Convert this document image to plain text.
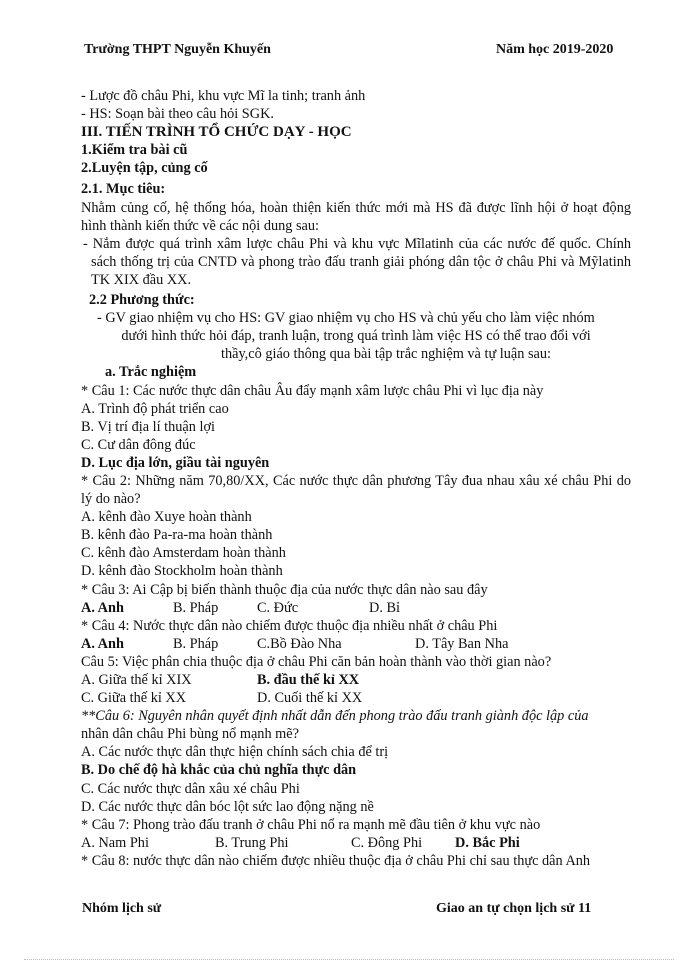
Trường THPT Nguyễn Khuyến	Năm học 2019-2020
- Lược đồ châu Phi, khu vực Mĩ la tinh; tranh ảnh
- HS: Soạn bài theo câu hỏi SGK.
III. TIẾN TRÌNH TỔ CHỨC DẠY - HỌC
1.Kiểm tra bài cũ
2.Luyện tập, củng cố
2.1. Mục tiêu:
Nhằm củng cố, hệ thống hóa, hoàn thiện kiến thức mới mà HS đã được lĩnh hội ở hoạt động hình thành kiến thức về các nội dung sau:
- Nắm được quá trình xâm lược châu Phi và khu vực Mĩlatinh của các nước đế quốc. Chính sách thống trị của CNTD và phong trào đấu tranh giải phóng dân tộc ở châu Phi và Mỹlatinh TK XIX đầu XX.
2.2 Phương thức:
- GV giao nhiệm vụ cho HS: GV giao nhiệm vụ cho HS và chủ yếu cho làm việc nhóm
dưới hình thức hỏi đáp, tranh luận, trong quá trình làm việc HS có thể trao đổi với
thầy,cô giáo thông qua bài tập trắc nghiệm và tự luận sau:
a. Trắc nghiệm
* Câu 1: Các nước thực dân châu Âu đẩy mạnh xâm lược châu Phi vì lục địa này
A. Trình độ phát triển cao
B. Vị trí địa lí thuận lợi
C. Cư dân đông đúc
D. Lục địa lớn, giầu tài nguyên
* Câu 2: Những năm 70,80/XX, Các nước thực dân phương Tây đua nhau xâu xé châu Phi do lý do nào?
A. kênh đào Xuye hoàn thành
B. kênh đào Pa-ra-ma hoàn thành
C. kênh đào Amsterdam hoàn thành
D. kênh đào Stockholm hoàn thành
* Câu 3: Ai Cập bị biến thành thuộc địa của nước thực dân nào sau đây
A. Anh	B. Pháp	C. Đức	D. Bỉ
* Câu 4: Nước thực dân nào chiếm được thuộc địa nhiều nhất ở châu Phi
A. Anh	B. Pháp	C.Bồ Đào Nha	D. Tây Ban Nha
Câu 5: Việc phân chia thuộc địa ở châu Phi căn bản hoàn thành vào thời gian nào?
A. Giữa thế kỉ XIX	B. đầu thế kỉ XX
C. Giữa thế kỉ XX	D. Cuối thế kỉ XX
**Câu 6: Nguyên nhân quyết định nhất dẫn đến phong trào đấu tranh giành độc lập của
nhân dân châu Phi bùng nổ mạnh mẽ?
A. Các nước thực dân thực hiện chính sách chia để trị
B. Do chế độ hà khắc của chủ nghĩa thực dân
C. Các nước thực dân xâu xé châu Phi
D. Các nước thực dân bóc lột sức lao động nặng nề
* Câu 7: Phong trào đấu tranh ở châu Phi nổ ra mạnh mẽ đầu tiên ở khu vực nào
A. Nam Phi	B. Trung Phi	C. Đông Phi	D. Bắc Phi
* Câu 8: nước thực dân nào chiếm được nhiều thuộc địa ở châu Phi chỉ sau thực dân Anh
Nhóm lịch sử	Giao an tự chọn lịch sử 11
